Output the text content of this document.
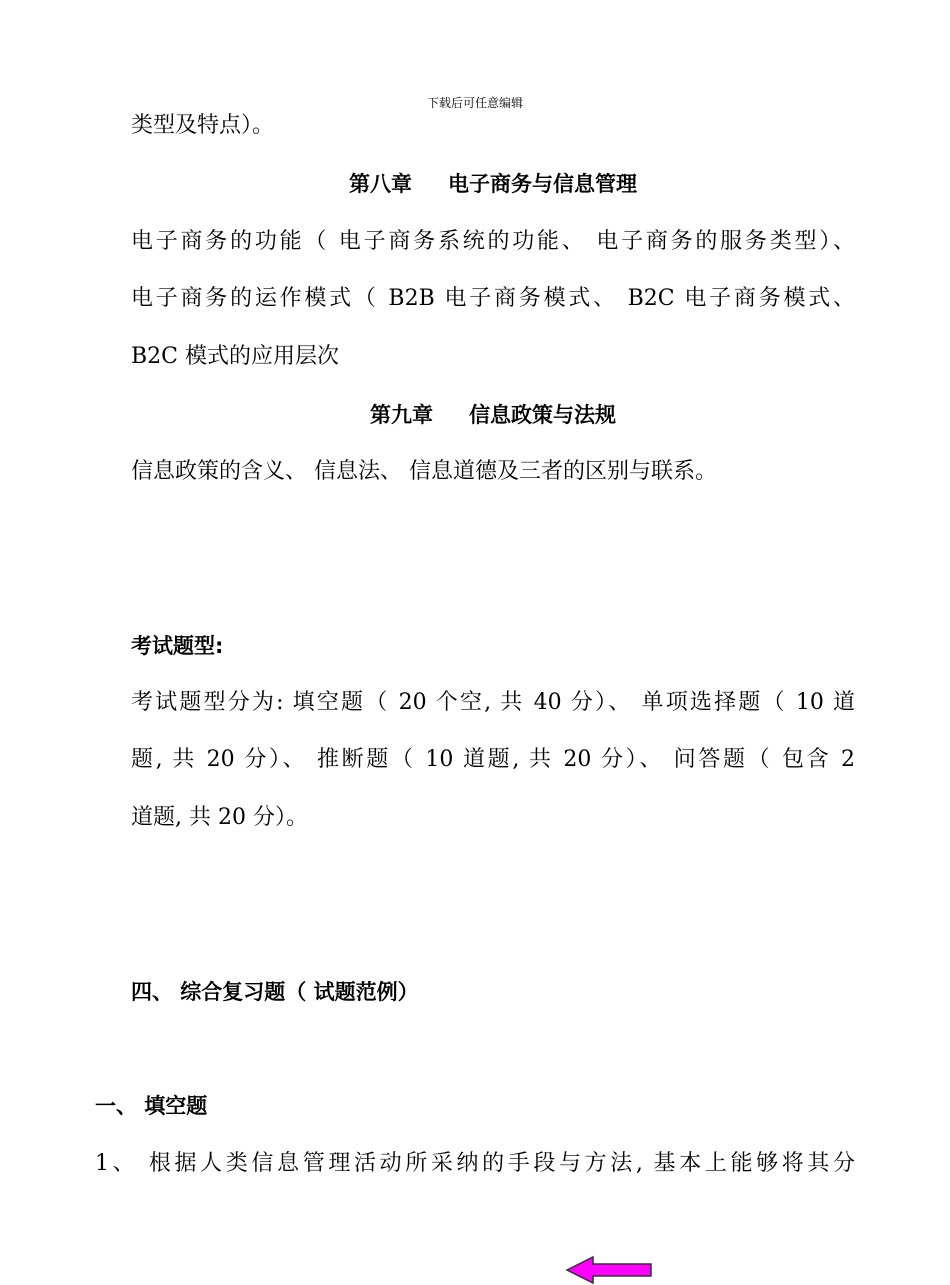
下载后可任意编辑
类型及特点）。
第八章 电子商务与信息管理
电子商务的功能（ 电子商务系统的功能、 电子商务的服务类型）、
电子商务的运作模式（ B2B 电子商务模式、 B2C 电子商务模式、
B2C 模式的应用层次
第九章 信息政策与法规
信息政策的含义、 信息法、 信息道德及三者的区别与联系。
考试题型:
考试题型分为: 填空题（ 20 个空, 共 40 分）、 单项选择题（ 10 道
题, 共 20 分）、 推断题（ 10 道题, 共 20 分）、 问答题（ 包含 2
道题, 共 20 分）。
四、 综合复习题（ 试题范例）
一、 填空题
1、 根据人类信息管理活动所采纳的手段与方法, 基本上能够将其分
